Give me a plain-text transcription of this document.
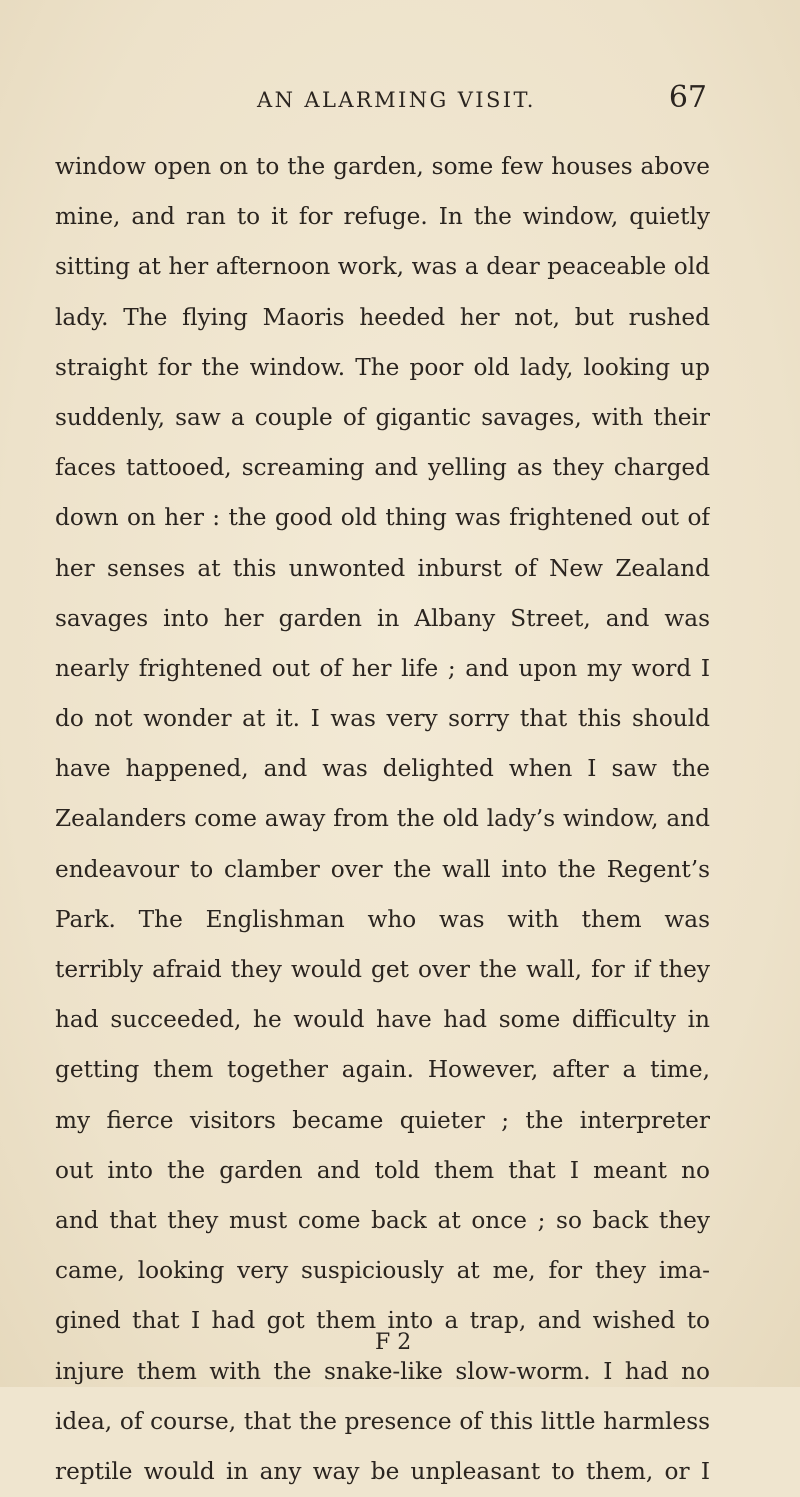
AN ALARMING VISIT.	67
window open on to the garden, some few houses above
mine, and ran to it for refuge. In the window, quietly
sitting at her afternoon work, was a dear peaceable old
lady. The flying Maoris heeded her not, but rushed
straight for the window. The poor old lady, looking up
suddenly, saw a couple of gigantic savages, with their
faces tattooed, screaming and yelling as they charged
down on her : the good old thing was frightened out of
her senses at this unwonted inburst of New Zealand
savages into her garden in Albany Street, and was
nearly frightened out of her life ; and upon my word I
do not wonder at it. I was very sorry that this should
have happened, and was delighted when I saw the
Zealanders come away from the old lady’s window, and
endeavour to clamber over the wall into the Regent’s
Park. The Englishman who was with them was
terribly afraid they would get over the wall, for if they
had succeeded, he would have had some difficulty in
getting them together again. However, after a time,
my fierce visitors became quieter ; the interpreter
out into the garden and told them that I meant no
and that they must come back at once ; so back they
came, looking very suspiciously at me, for they ima-
gined that I had got them into a trap, and wished to
injure them with the snake-like slow-worm. I had no
idea, of course, that the presence of this little harmless
reptile would in any way be unpleasant to them, or I
F 2
